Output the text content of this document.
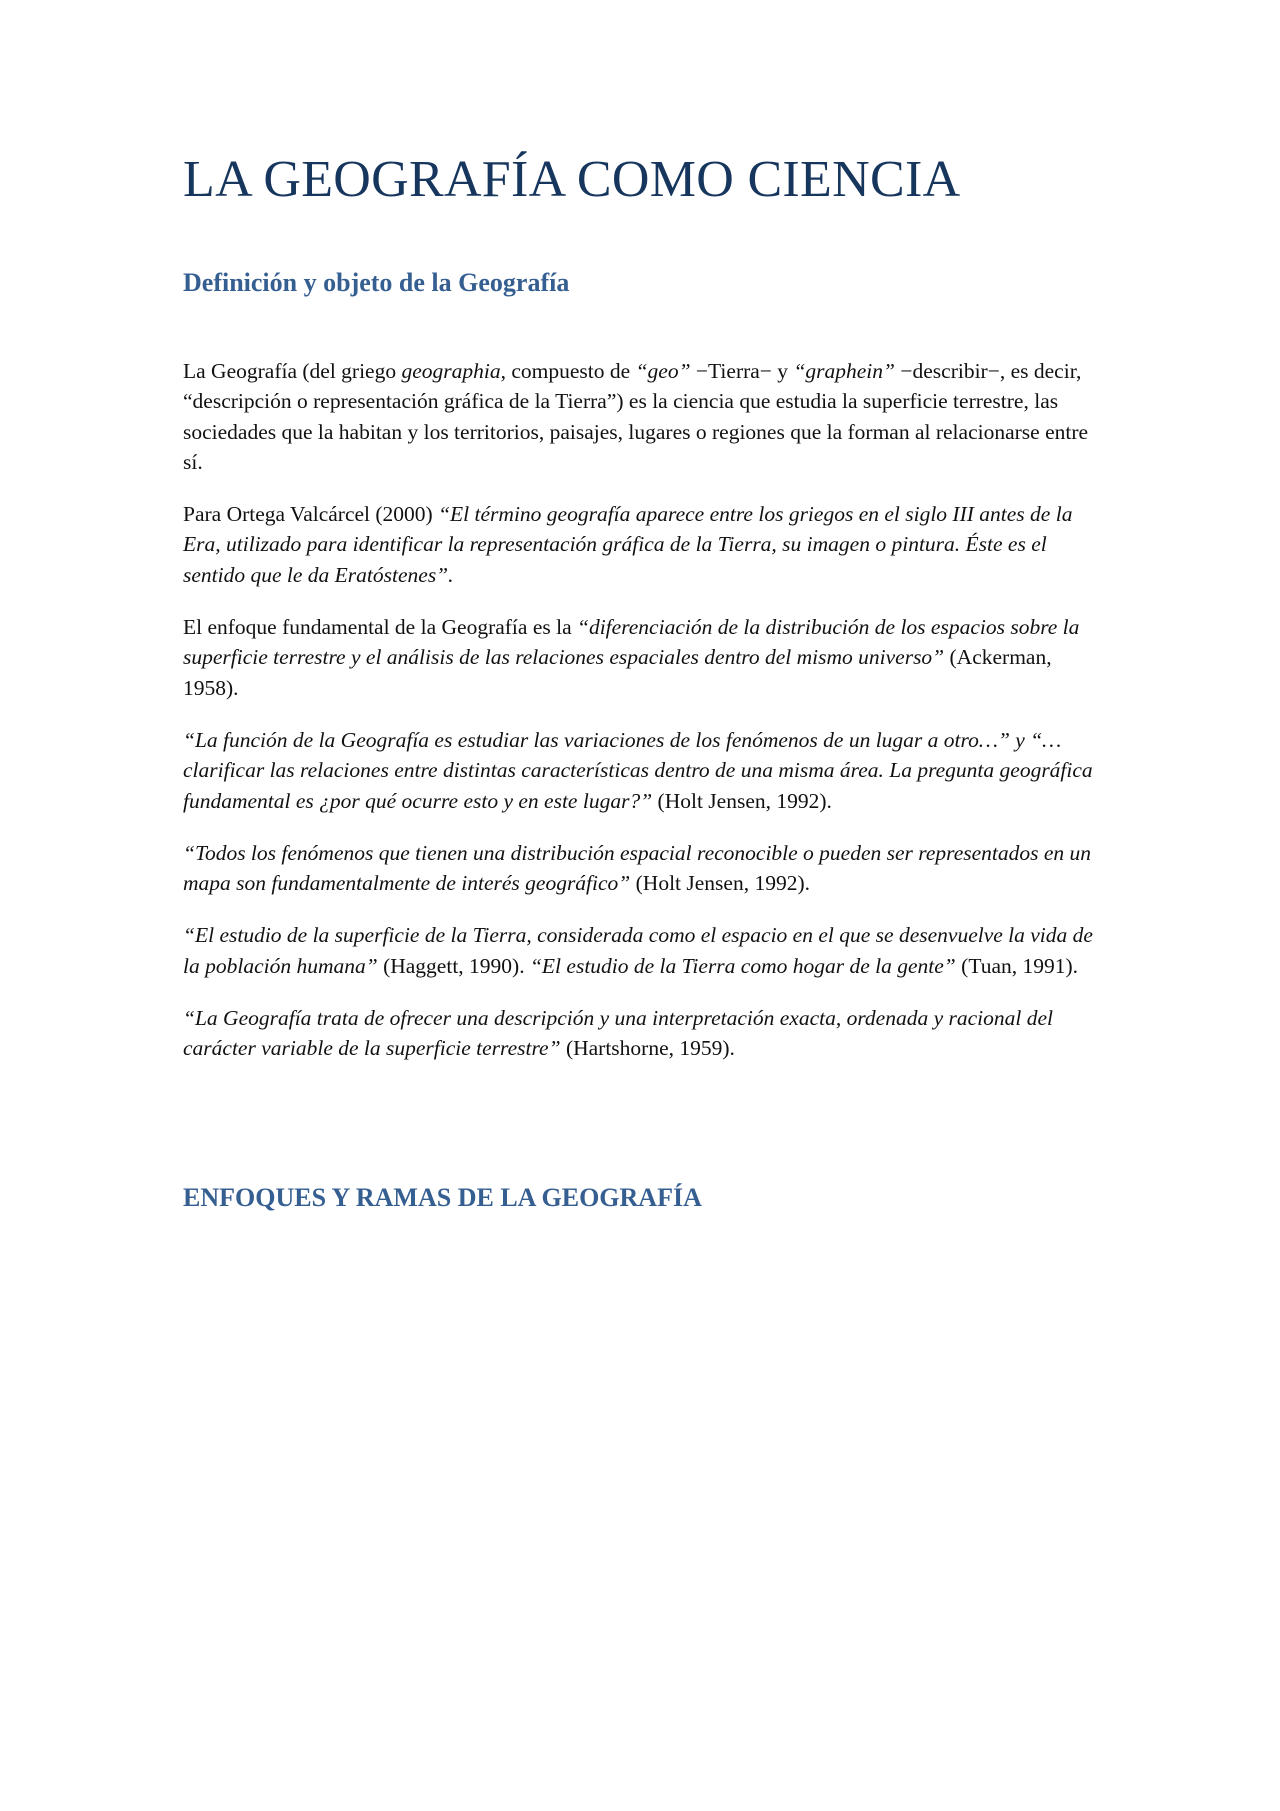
LA GEOGRAFÍA COMO CIENCIA
Definición y objeto de la Geografía

La Geografía (del griego geographia, compuesto de “geo” −Tierra− y “graphein” −describir−, es decir, “descripción o representación gráfica de la Tierra”) es la ciencia que estudia la superficie terrestre, las sociedades que la habitan y los territorios, paisajes, lugares o regiones que la forman al relacionarse entre sí.

Para Ortega Valcárcel (2000) “El término geografía aparece entre los griegos en el siglo III antes de la Era, utilizado para identificar la representación gráfica de la Tierra, su imagen o pintura. Éste es el sentido que le da Eratóstenes”.

El enfoque fundamental de la Geografía es la “diferenciación de la distribución de los espacios sobre la superficie terrestre y el análisis de las relaciones espaciales dentro del mismo universo” (Ackerman, 1958).

“La función de la Geografía es estudiar las variaciones de los fenómenos de un lugar a otro…” y “…clarificar las relaciones entre distintas características dentro de una misma área. La pregunta geográfica fundamental es ¿por qué ocurre esto y en este lugar?” (Holt Jensen, 1992).

“Todos los fenómenos que tienen una distribución espacial reconocible o pueden ser representados en un mapa son fundamentalmente de interés geográfico” (Holt Jensen, 1992).

“El estudio de la superficie de la Tierra, considerada como el espacio en el que se desenvuelve la vida de la población humana” (Haggett, 1990). “El estudio de la Tierra como hogar de la gente” (Tuan, 1991).

“La Geografía trata de ofrecer una descripción y una interpretación exacta, ordenada y racional del carácter variable de la superficie terrestre” (Hartshorne, 1959).

ENFOQUES Y RAMAS DE LA GEOGRAFÍA
